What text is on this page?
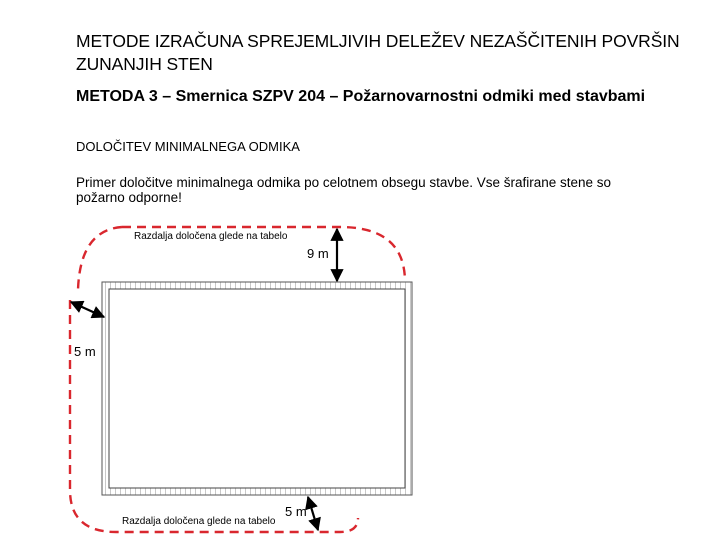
METODE IZRAČUNA SPREJEMLJIVIH DELEŽEV NEZAŠČITENIH POVRŠIN ZUNANJIH STEN
METODA 3 – Smernica SZPV 204 – Požarnovarnostni odmiki med stavbami
DOLOČITEV MINIMALNEGA ODMIKA
Primer določitve minimalnega odmika po celotnem obsegu stavbe. Vse šrafirane stene so požarno odporne!
Razdalja določena glede na tabelo
9 m
5 m
Razdalja določena glede na tabelo
5 m
